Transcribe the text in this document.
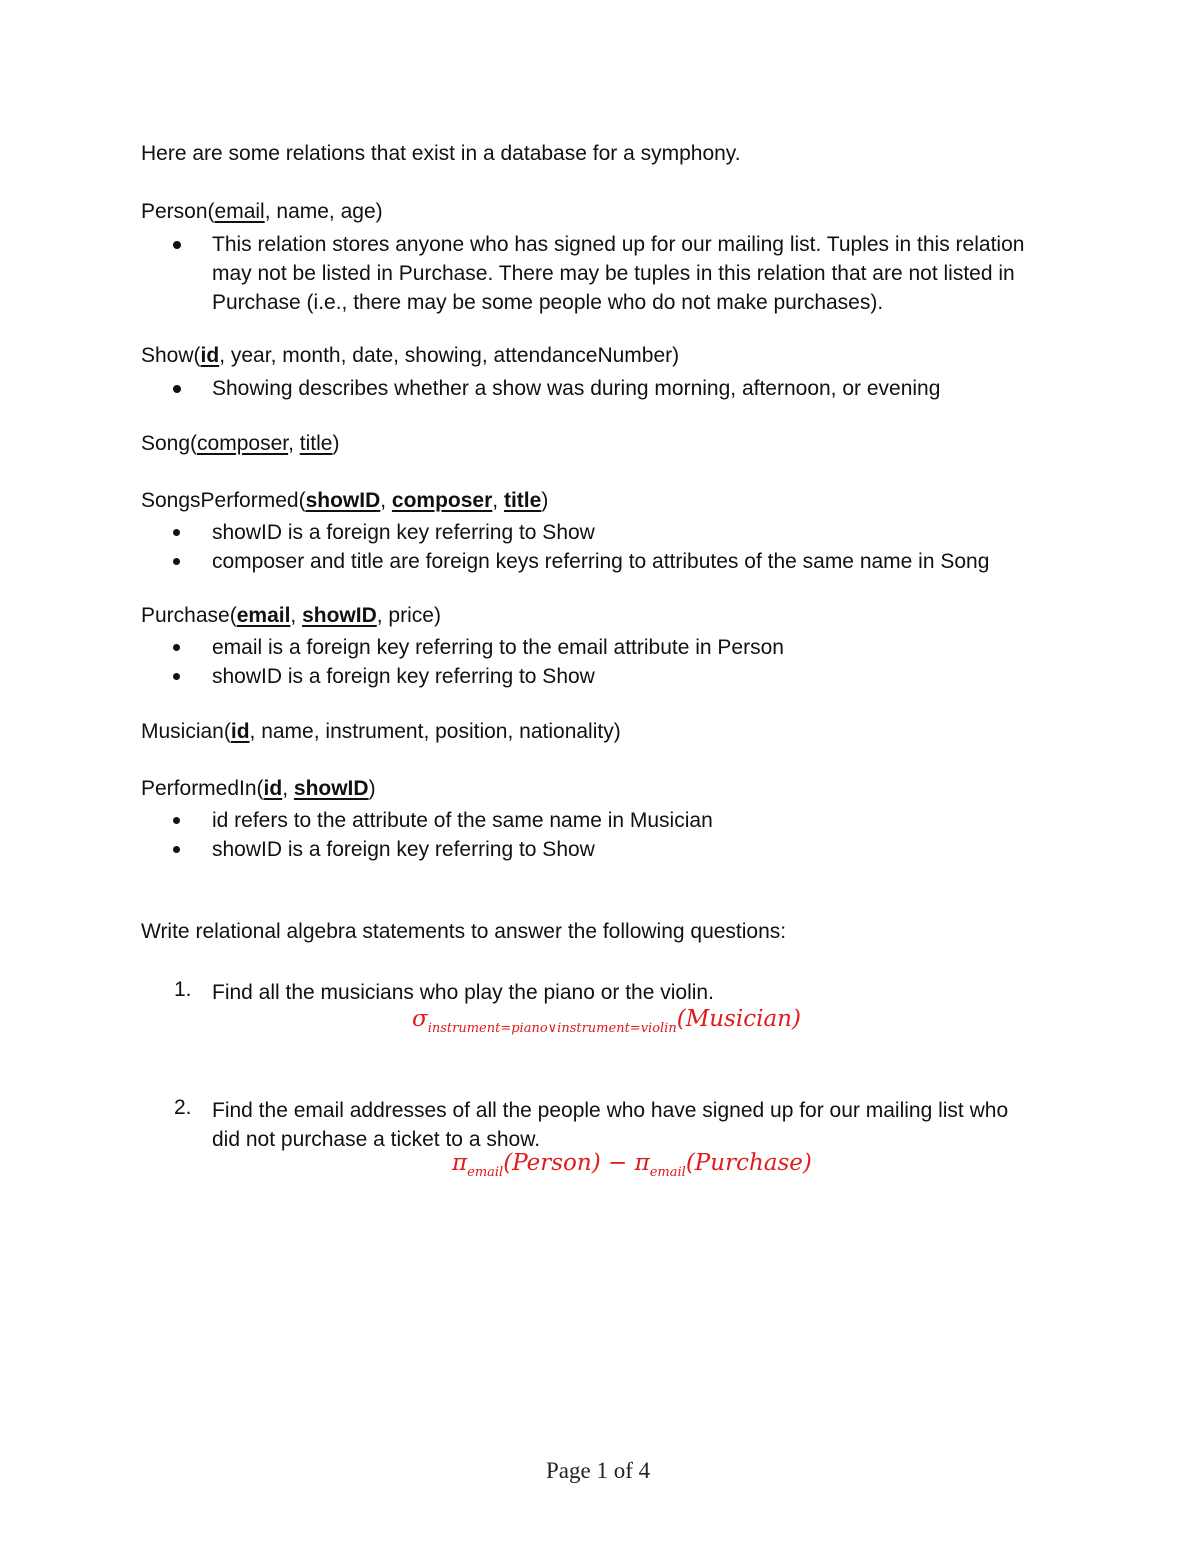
Here are some relations that exist in a database for a symphony.
Person(email, name, age)
This relation stores anyone who has signed up for our mailing list. Tuples in this relation
may not be listed in Purchase. There may be tuples in this relation that are not listed in
Purchase (i.e., there may be some people who do not make purchases).
Show(id, year, month, date, showing, attendanceNumber)
Showing describes whether a show was during morning, afternoon, or evening
Song(composer, title)
SongsPerformed(showID, composer, title)
showID is a foreign key referring to Show
composer and title are foreign keys referring to attributes of the same name in Song
Purchase(email, showID, price)
email is a foreign key referring to the email attribute in Person
showID is a foreign key referring to Show
Musician(id, name, instrument, position, nationality)
PerformedIn(id, showID)
id refers to the attribute of the same name in Musician
showID is a foreign key referring to Show
Write relational algebra statements to answer the following questions:
1. Find all the musicians who play the piano or the violin.
$\sigma_{instrument=piano\vee instrument=violin}(Musician)$
2. Find the email addresses of all the people who have signed up for our mailing list who
did not purchase a ticket to a show.
$\pi_{email}(Person)$ − $\pi_{email}(Purchase)$
Page 1 of 4
